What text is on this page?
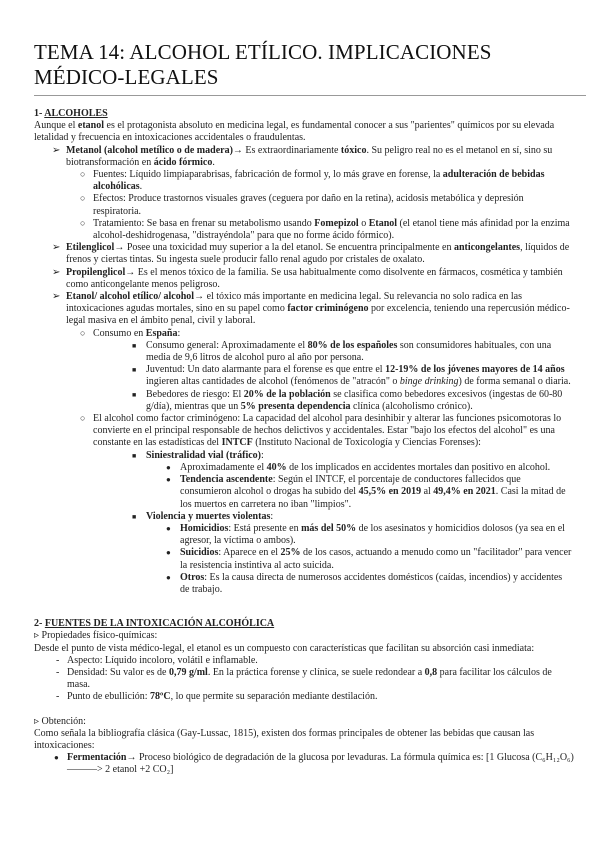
TEMA 14: ALCOHOL ETÍLICO. IMPLICACIONES MÉDICO-LEGALES
1- ALCOHOLES

Aunque el etanol es el protagonista absoluto en medicina legal, es fundamental conocer a sus "parientes" químicos por su elevada letalidad y frecuencia en intoxicaciones accidentales o fraudulentas.

➢ Metanol (alcohol metílico o de madera)→ Es extraordinariamente tóxico. Su peligro real no es el metanol en sí, sino su biotransformación en ácido fórmico.
○ Fuentes: Líquido limpiaparabrisas, fabricación de formol y, lo más grave en forense, la adulteración de bebidas alcohólicas.
○ Efectos: Produce trastornos visuales graves (ceguera por daño en la retina), acidosis metabólica y depresión respiratoria.
○ Tratamiento: Se basa en frenar su metabolismo usando Fomepizol o Etanol (el etanol tiene más afinidad por la enzima alcohol-deshidrogenasa, "distrayéndola" para que no forme ácido fórmico).
➢ Etilenglicol→ Posee una toxicidad muy superior a la del etanol. Se encuentra principalmente en anticongelantes, líquidos de frenos y ciertas tintas. Su ingesta suele producir fallo renal agudo por cristales de oxalato.
➢ Propilenglicol→ Es el menos tóxico de la familia. Se usa habitualmente como disolvente en fármacos, cosmética y también como anticongelante menos peligroso.
➢ Etanol/ alcohol etílico/ alcohol→ el tóxico más importante en medicina legal. Su relevancia no solo radica en las intoxicaciones agudas mortales, sino en su papel como factor criminógeno por excelencia, teniendo una repercusión médico-legal masiva en el ámbito penal, civil y laboral.
○ Consumo en España:
■ Consumo general: Aproximadamente el 80% de los españoles son consumidores habituales, con una media de 9,6 litros de alcohol puro al año por persona.
■ Juventud: Un dato alarmante para el forense es que entre el 12-19% de los jóvenes mayores de 14 años ingieren altas cantidades de alcohol (fenómenos de "atracón" o binge drinking) de forma semanal o diaria.
■ Bebedores de riesgo: El 20% de la población se clasifica como bebedores excesivos (ingestas de 60-80 g/día), mientras que un 5% presenta dependencia clínica (alcoholismo crónico).
○ El alcohol como factor criminógeno: La capacidad del alcohol para desinhibir y alterar las funciones psicomotoras lo convierte en el principal responsable de hechos delictivos y accidentales. Estar "bajo los efectos del alcohol" es una constante en las estadísticas del INTCF (Instituto Nacional de Toxicología y Ciencias Forenses):
■ Siniestralidad vial (tráfico):
● Aproximadamente el 40% de los implicados en accidentes mortales dan positivo en alcohol.
● Tendencia ascendente: Según el INTCF, el porcentaje de conductores fallecidos que consumieron alcohol o drogas ha subido del 45,5% en 2019 al 49,4% en 2021. Casi la mitad de los muertos en carretera no iban "limpios".
■ Violencia y muertes violentas:
● Homicidios: Está presente en más del 50% de los asesinatos y homicidios dolosos (ya sea en el agresor, la víctima o ambos).
● Suicidios: Aparece en el 25% de los casos, actuando a menudo como un "facilitador" para vencer la resistencia instintiva al acto suicida.
● Otros: Es la causa directa de numerosos accidentes domésticos (caídas, incendios) y accidentes de trabajo.
2- FUENTES DE LA INTOXICACIÓN ALCOHÓLICA

▹ Propiedades físico-químicas:

Desde el punto de vista médico-legal, el etanol es un compuesto con características que facilitan su absorción casi inmediata:

- Aspecto: Líquido incoloro, volátil e inflamable.
- Densidad: Su valor es de 0,79 g/ml. En la práctica forense y clínica, se suele redondear a 0,8 para facilitar los cálculos de masa.
- Punto de ebullición: 78ºC, lo que permite su separación mediante destilación.

▹ Obtención:

Como señala la bibliografía clásica (Gay-Lussac, 1815), existen dos formas principales de obtener las bebidas que causan las intoxicaciones:

● Fermentación→ Proceso biológico de degradación de la glucosa por levaduras. La fórmula química es: [1 Glucosa (C₆H₁₂O₆) ———> 2 etanol +2 CO₂]
